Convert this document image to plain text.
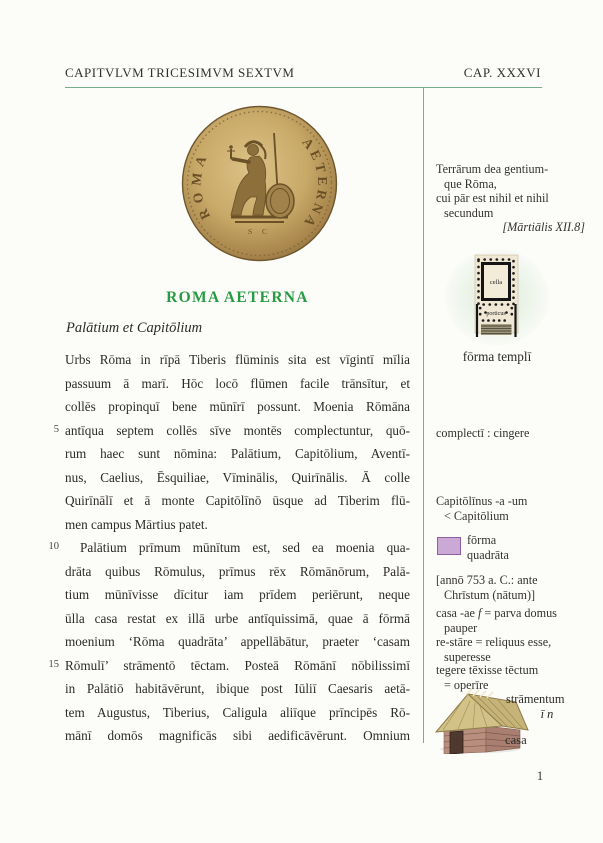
CAPITVLVM TRICESIMVM SEXTVM	CAP. XXXVI
ROMA
AETERNA
S C
ROMA AETERNA
Palātium et Capitōlium
Urbs Rōma in rīpā Tiberis flūminis sita est vīgintī mīlia
passuum ā marī. Hōc locō flūmen facile trānsītur, et
collēs propinquī bene mūnīrī possunt. Moenia Rōmāna
5 antīqua septem collēs sīve montēs complectuntur, quō-
rum haec sunt nōmina: Palātium, Capitōlium, Aventī-
nus, Caelius, Ēsquiliae, Vīminālis, Quirīnālis. Ā colle
Quirīnālī et ā monte Capitōlīnō ūsque ad Tiberim flū-
men campus Mārtius patet.
10	Palātium prīmum mūnītum est, sed ea moenia qua-
drāta quibus Rōmulus, prīmus rēx Rōmānōrum, Palā-
tium mūnīvisse dīcitur iam prīdem periērunt, neque
ūlla casa restat ex illā urbe antīquissimā, quae ā fōrmā
moenium ‘Rōma quadrāta’ appellābātur, praeter ‘casam
15 Rōmulī’ strāmentō tēctam. Posteā Rōmānī nōbilissimī
in Palātiō habitāvērunt, ibique post Iūliī Caesaris aetā-
tem Augustus, Tiberius, Caligula aliīque prīncipēs Rō-
mānī domōs magnificās sibi aedificāvērunt. Omnium
Terrārum dea gentium-
que Rōma,
cui pār est nihil et nihil
secundum
[Mārtiālis XII.8]
cella
porticus
fōrma templī
complectī : cingere
Capitōlīnus -a -um
< Capitōlium
fōrma
quadrāta
[annō 753 a. C.: ante
Chrīstum (nātum)]
casa -ae f = parva domus
pauper
re-stāre = reliquus esse,
superesse
tegere tēxisse tēctum
= operīre
strāmentum
ī n
casa
1
